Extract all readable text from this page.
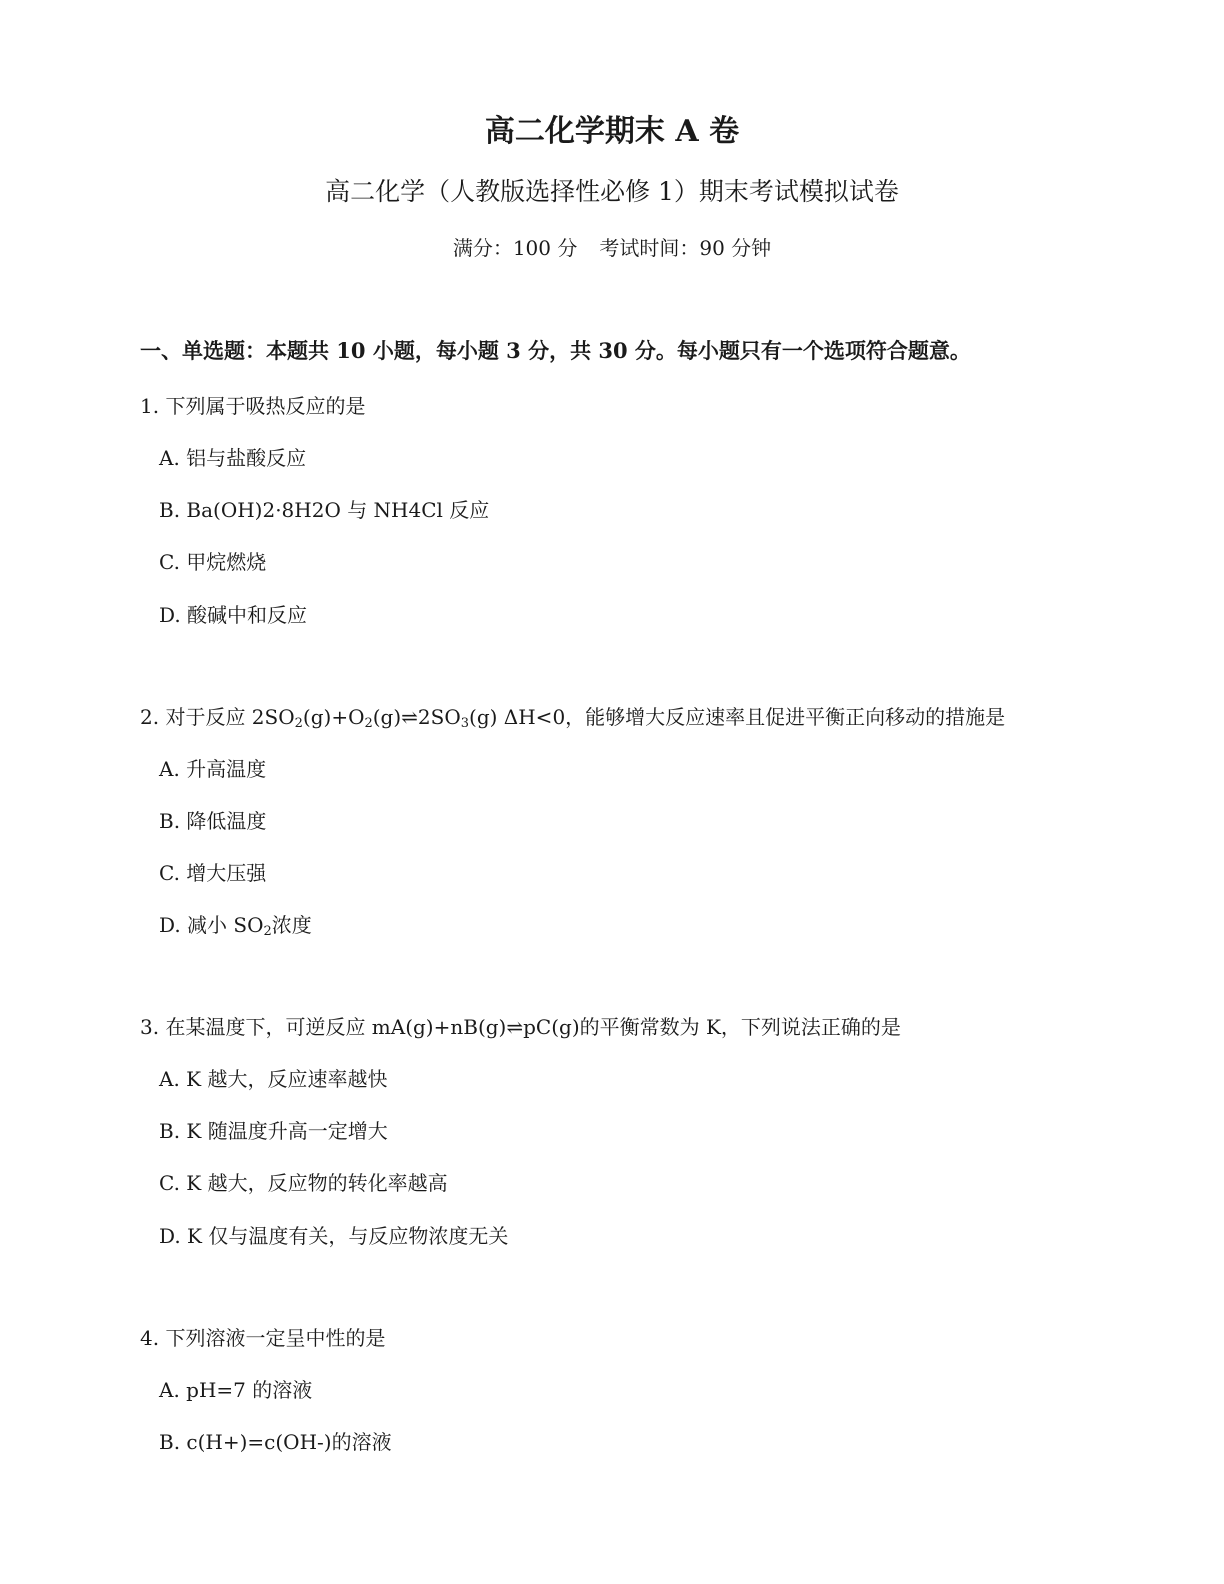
高二化学期末 A 卷
高二化学（人教版选择性必修 1）期末考试模拟试卷
满分：100 分 考试时间：90 分钟
一、单选题：本题共 10 小题，每小题 3 分，共 30 分。每小题只有一个选项符合题意。
1. 下列属于吸热反应的是
A. 铝与盐酸反应
B. Ba(OH)2·8H2O 与 NH4Cl 反应
C. 甲烷燃烧
D. 酸碱中和反应
2. 对于反应 $2SO_2(g)+O_2(g)\rightleftharpoons 2SO_3(g)$ ΔH<0，能够增大反应速率且促进平衡正向移动的措施是
A. 升高温度
B. 降低温度
C. 增大压强
D. 减小 $SO_2$浓度
3. 在某温度下，可逆反应 mA(g)+nB(g)⇌pC(g)的平衡常数为 K，下列说法正确的是
A. K 越大，反应速率越快
B. K 随温度升高一定增大
C. K 越大，反应物的转化率越高
D. K 仅与温度有关，与反应物浓度无关
4. 下列溶液一定呈中性的是
A. pH=7 的溶液
B. c(H+)=c(OH-)的溶液
